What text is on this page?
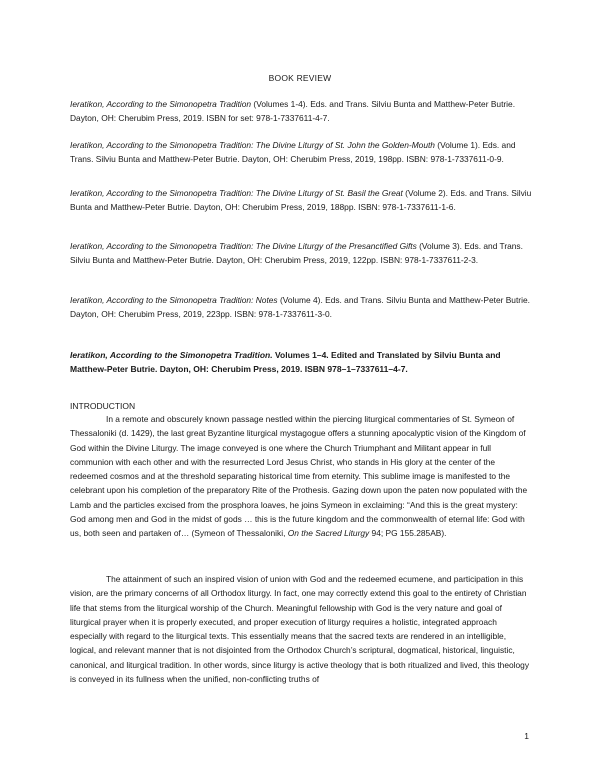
BOOK REVIEW
Ieratikon, According to the Simonopetra Tradition (Volumes 1-4). Eds. and Trans. Silviu Bunta and Matthew-Peter Butrie. Dayton, OH: Cherubim Press, 2019. ISBN for set: 978-1-7337611-4-7.
Ieratikon, According to the Simonopetra Tradition: The Divine Liturgy of St. John the Golden-Mouth (Volume 1). Eds. and Trans. Silviu Bunta and Matthew-Peter Butrie. Dayton, OH: Cherubim Press, 2019, 198pp. ISBN: 978-1-7337611-0-9.
Ieratikon, According to the Simonopetra Tradition: The Divine Liturgy of St. Basil the Great (Volume 2). Eds. and Trans. Silviu Bunta and Matthew-Peter Butrie. Dayton, OH: Cherubim Press, 2019, 188pp. ISBN: 978-1-7337611-1-6.
Ieratikon, According to the Simonopetra Tradition: The Divine Liturgy of the Presanctified Gifts (Volume 3). Eds. and Trans. Silviu Bunta and Matthew-Peter Butrie. Dayton, OH: Cherubim Press, 2019, 122pp. ISBN: 978-1-7337611-2-3.
Ieratikon, According to the Simonopetra Tradition: Notes (Volume 4). Eds. and Trans. Silviu Bunta and Matthew-Peter Butrie. Dayton, OH: Cherubim Press, 2019, 223pp. ISBN: 978-1-7337611-3-0.
Ieratikon, According to the Simonopetra Tradition. Volumes 1–4. Edited and Translated by Silviu Bunta and Matthew-Peter Butrie. Dayton, OH: Cherubim Press, 2019. ISBN 978–1–7337611–4-7.
INTRODUCTION
In a remote and obscurely known passage nestled within the piercing liturgical commentaries of St. Symeon of Thessaloniki (d. 1429), the last great Byzantine liturgical mystagogue offers a stunning apocalyptic vision of the Kingdom of God within the Divine Liturgy. The image conveyed is one where the Church Triumphant and Militant appear in full communion with each other and with the resurrected Lord Jesus Christ, who stands in His glory at the center of the redeemed cosmos and at the threshold separating historical time from eternity. This sublime image is manifested to the celebrant upon his completion of the preparatory Rite of the Prothesis. Gazing down upon the paten now populated with the Lamb and the particles excised from the prosphora loaves, he joins Symeon in exclaiming: “And this is the great mystery: God among men and God in the midst of gods … this is the future kingdom and the commonwealth of eternal life: God with us, both seen and partaken of… (Symeon of Thessaloniki, On the Sacred Liturgy 94; PG 155.285AB).
The attainment of such an inspired vision of union with God and the redeemed ecumene, and participation in this vision, are the primary concerns of all Orthodox liturgy. In fact, one may correctly extend this goal to the entirety of Christian life that stems from the liturgical worship of the Church. Meaningful fellowship with God is the very nature and goal of liturgical prayer when it is properly executed, and proper execution of liturgy requires a holistic, integrated approach especially with regard to the liturgical texts. This essentially means that the sacred texts are rendered in an intelligible, logical, and relevant manner that is not disjointed from the Orthodox Church’s scriptural, dogmatical, historical, linguistic, canonical, and liturgical tradition. In other words, since liturgy is active theology that is both ritualized and lived, this theology is conveyed in its fullness when the unified, non-conflicting truths of
1
